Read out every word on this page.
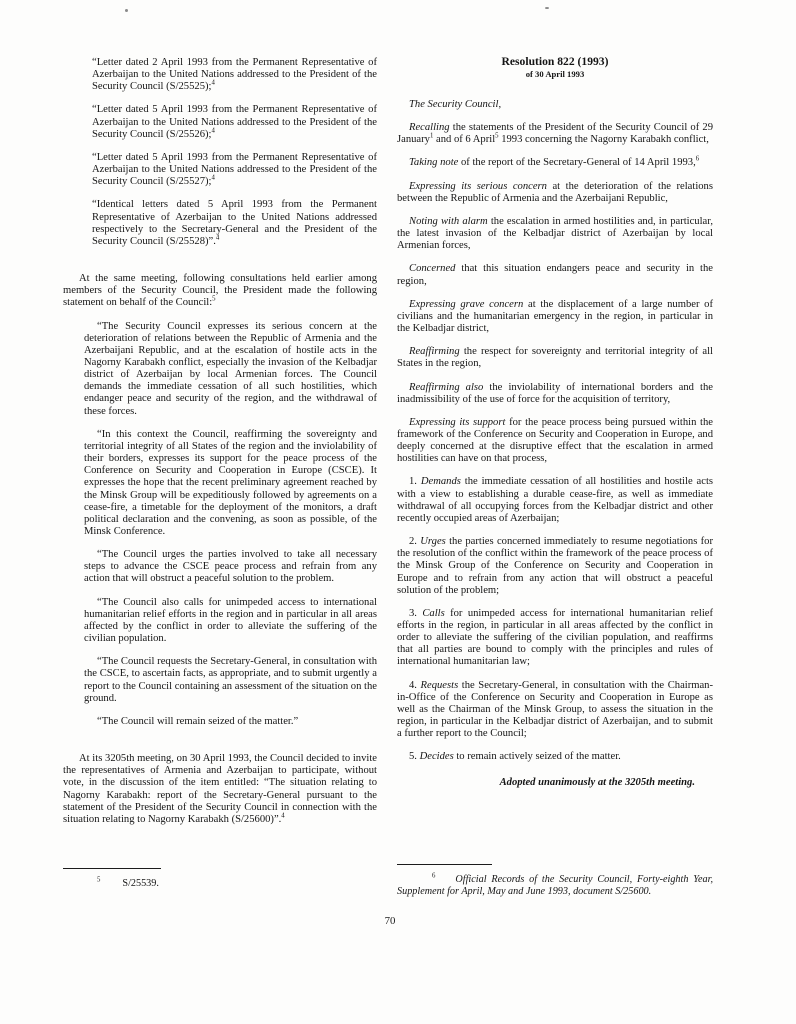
“Letter dated 2 April 1993 from the Permanent Representative of Azerbaijan to the United Nations addressed to the President of the Security Council (S/25525);$^4$
“Letter dated 5 April 1993 from the Permanent Representative of Azerbaijan to the United Nations addressed to the President of the Security Council (S/25526);$^4$
“Letter dated 5 April 1993 from the Permanent Representative of Azerbaijan to the United Nations addressed to the President of the Security Council (S/25527);$^4$
“Identical letters dated 5 April 1993 from the Permanent Representative of Azerbaijan to the United Nations addressed respectively to the Secretary-General and the President of the Security Council (S/25528)”.$^4$
At the same meeting, following consultations held earlier among members of the Security Council, the President made the following statement on behalf of the Council:$^5$
“The Security Council expresses its serious concern at the deterioration of relations between the Republic of Armenia and the Azerbaijani Republic, and at the escalation of hostile acts in the Nagorny Karabakh conflict, especially the invasion of the Kelbadjar district of Azerbaijan by local Armenian forces. The Council demands the immediate cessation of all such hostilities, which endanger peace and security of the region, and the withdrawal of these forces.
“In this context the Council, reaffirming the sovereignty and territorial integrity of all States of the region and the inviolability of their borders, expresses its support for the peace process of the Conference on Security and Cooperation in Europe (CSCE). It expresses the hope that the recent preliminary agreement reached by the Minsk Group will be expeditiously followed by agreements on a cease-fire, a timetable for the deployment of the monitors, a draft political declaration and the convening, as soon as possible, of the Minsk Conference.
“The Council urges the parties involved to take all necessary steps to advance the CSCE peace process and refrain from any action that will obstruct a peaceful solution to the problem.
“The Council also calls for unimpeded access to international humanitarian relief efforts in the region and in particular in all areas affected by the conflict in order to alleviate the suffering of the civilian population.
“The Council requests the Secretary-General, in consultation with the CSCE, to ascertain facts, as appropriate, and to submit urgently a report to the Council containing an assessment of the situation on the ground.
“The Council will remain seized of the matter.”
At its 3205th meeting, on 30 April 1993, the Council decided to invite the representatives of Armenia and Azerbaijan to participate, without vote, in the discussion of the item entitled: “The situation relating to Nagorny Karabakh: report of the Secretary-General pursuant to the statement of the President of the Security Council in connection with the situation relating to Nagorny Karabakh (S/25600)”.$^4$
$^5$ S/25539.
Resolution 822 (1993)
of 30 April 1993
The Security Council,
Recalling the statements of the President of the Security Council of 29 January$^1$ and of 6 April$^5$ 1993 concerning the Nagorny Karabakh conflict,
Taking note of the report of the Secretary-General of 14 April 1993,$^6$
Expressing its serious concern at the deterioration of the relations between the Republic of Armenia and the Azerbaijani Republic,
Noting with alarm the escalation in armed hostilities and, in particular, the latest invasion of the Kelbadjar district of Azerbaijan by local Armenian forces,
Concerned that this situation endangers peace and security in the region,
Expressing grave concern at the displacement of a large number of civilians and the humanitarian emergency in the region, in particular in the Kelbadjar district,
Reaffirming the respect for sovereignty and territorial integrity of all States in the region,
Reaffirming also the inviolability of international borders and the inadmissibility of the use of force for the acquisition of territory,
Expressing its support for the peace process being pursued within the framework of the Conference on Security and Cooperation in Europe, and deeply concerned at the disruptive effect that the escalation in armed hostilities can have on that process,
1. Demands the immediate cessation of all hostilities and hostile acts with a view to establishing a durable cease-fire, as well as immediate withdrawal of all occupying forces from the Kelbadjar district and other recently occupied areas of Azerbaijan;
2. Urges the parties concerned immediately to resume negotiations for the resolution of the conflict within the framework of the peace process of the Minsk Group of the Conference on Security and Cooperation in Europe and to refrain from any action that will obstruct a peaceful solution of the problem;
3. Calls for unimpeded access for international humanitarian relief efforts in the region, in particular in all areas affected by the conflict in order to alleviate the suffering of the civilian population, and reaffirms that all parties are bound to comply with the principles and rules of international humanitarian law;
4. Requests the Secretary-General, in consultation with the Chairman-in-Office of the Conference on Security and Cooperation in Europe as well as the Chairman of the Minsk Group, to assess the situation in the region, in particular in the Kelbadjar district of Azerbaijan, and to submit a further report to the Council;
5. Decides to remain actively seized of the matter.
Adopted unanimously at the 3205th meeting.
$^6$ Official Records of the Security Council, Forty-eighth Year, Supplement for April, May and June 1993, document S/25600.
70
